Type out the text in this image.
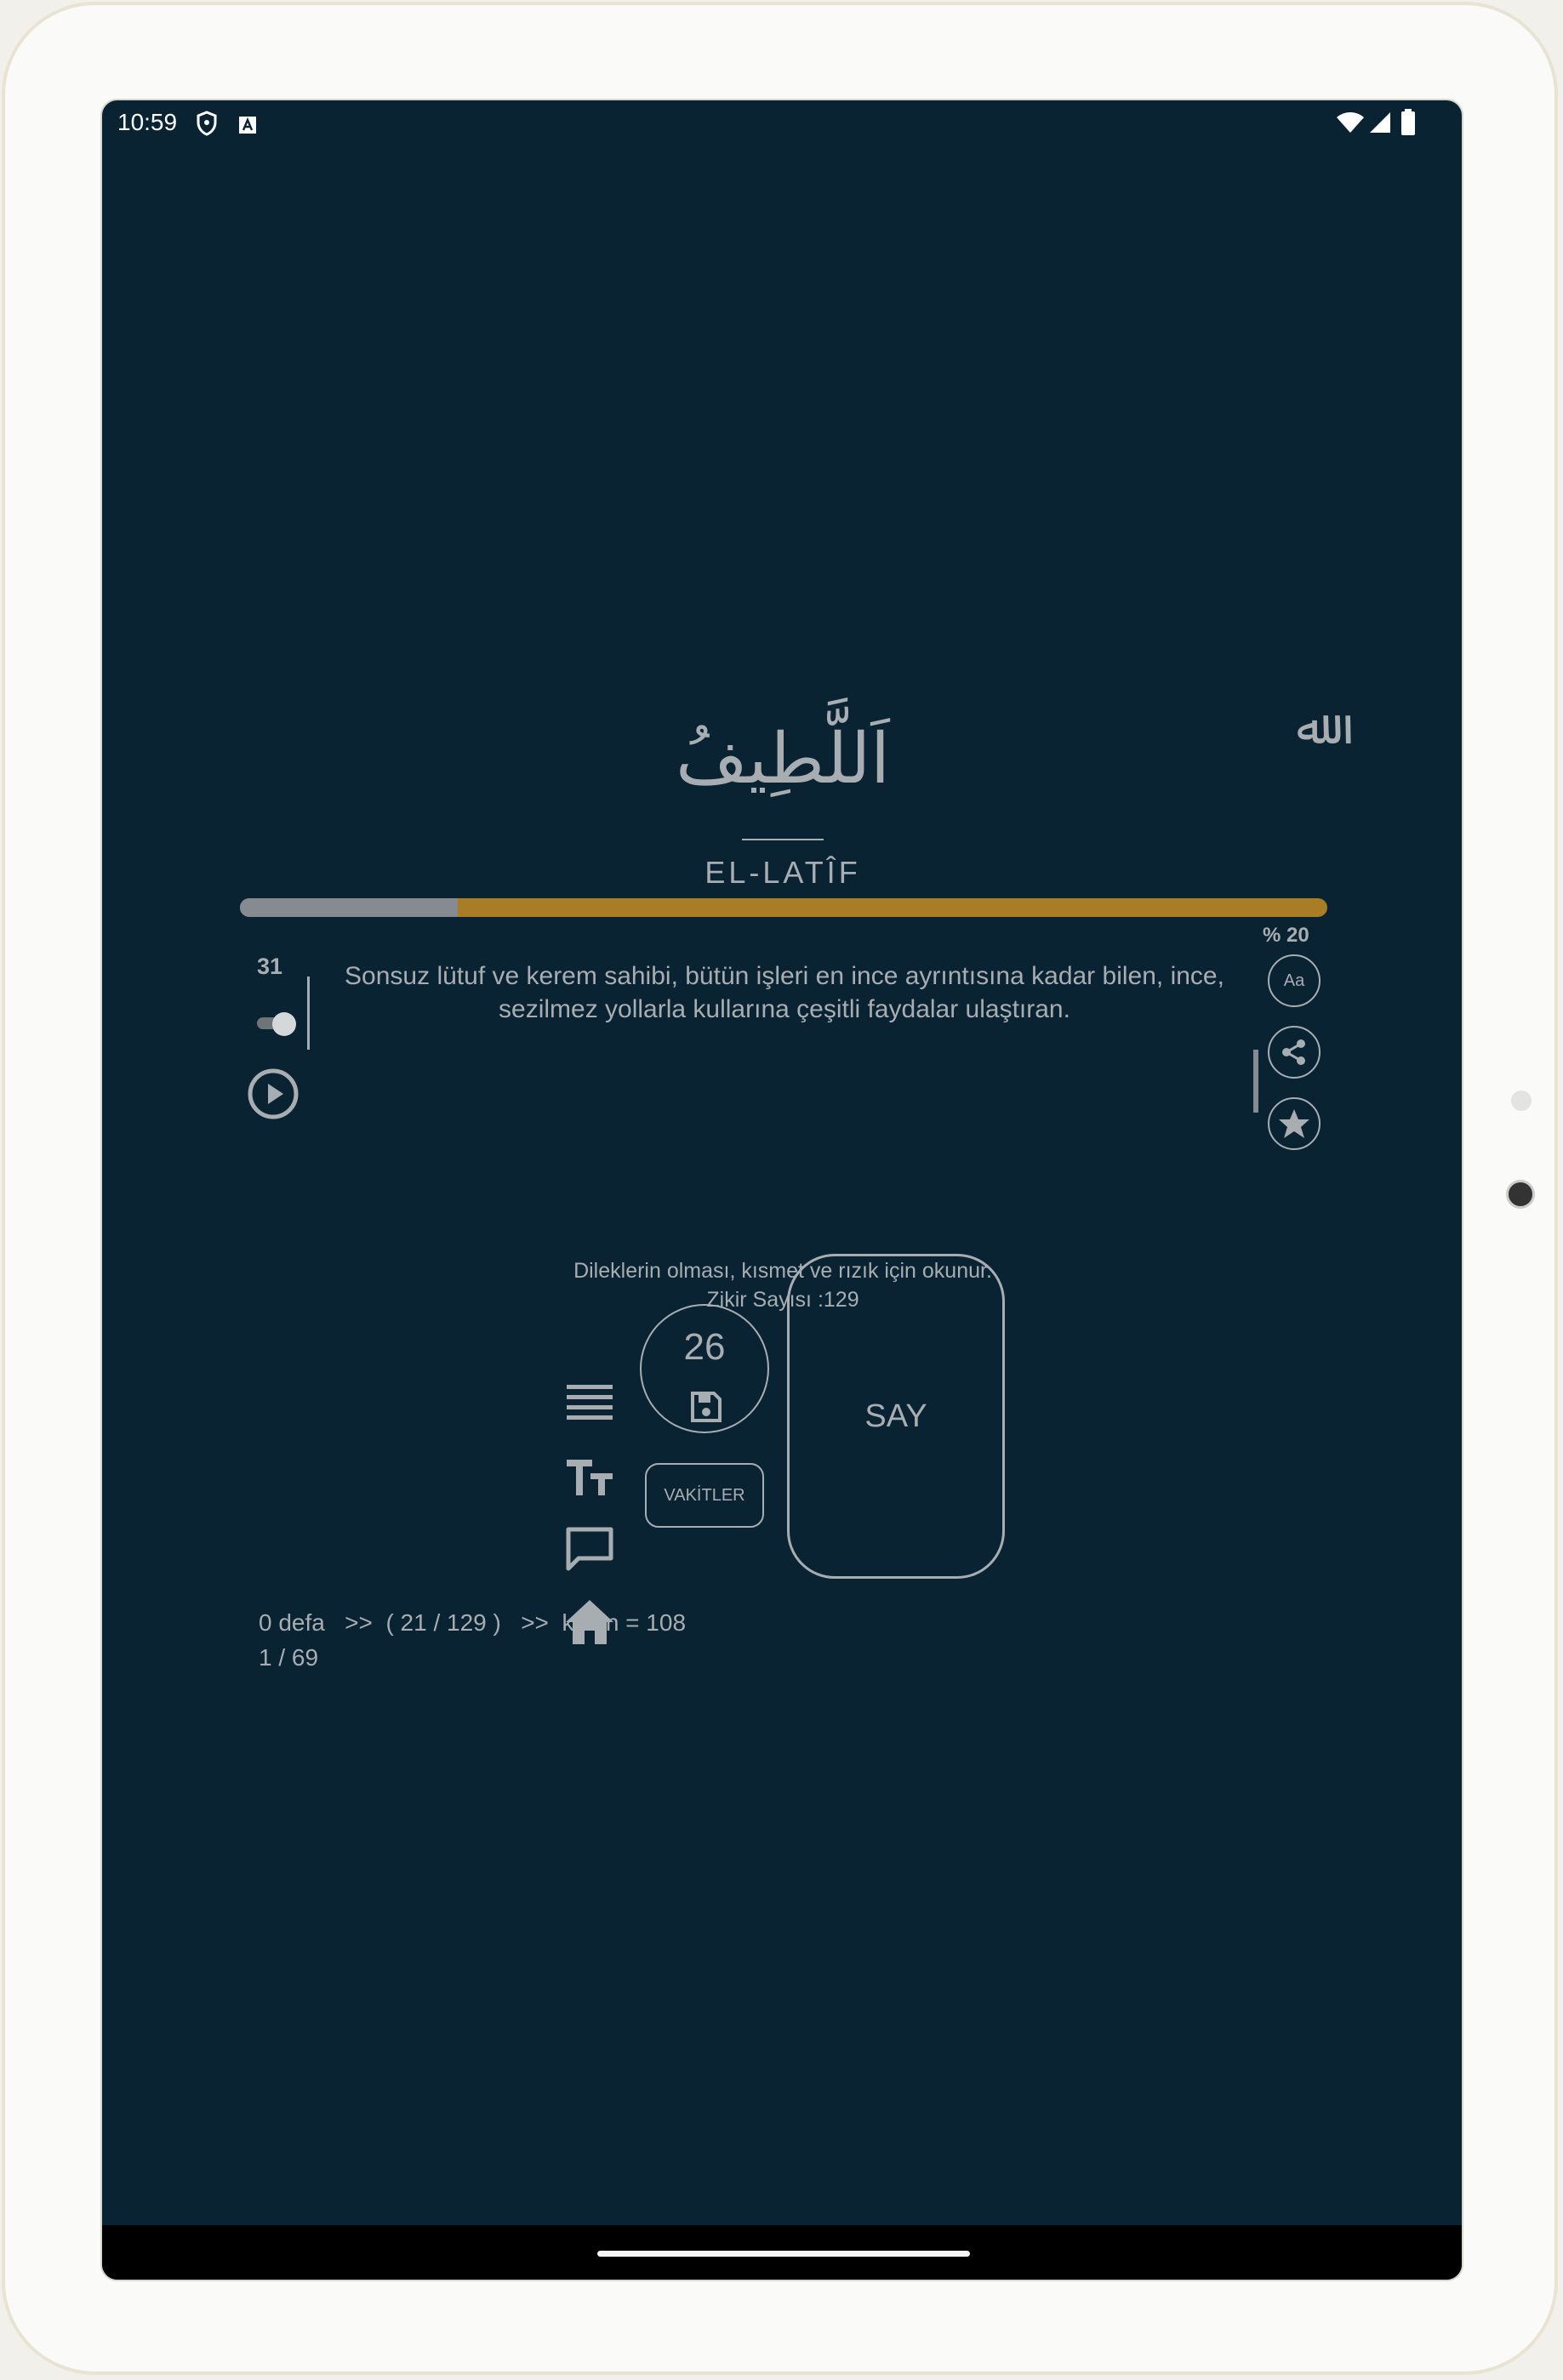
10:59
ﷲ
اَللَّطِيفُ
EL-LATÎF
% 20
31 Sonsuz lütuf ve kerem sahibi, bütün işleri en ince ayrıntısına kadar bilen, ince, sezilmez yollarla kullarına çeşitli faydalar ulaştıran.
Aa
Dileklerin olması, kısmet ve rızık için okunur.
Zikir Sayısı :129
26
VAKİTLER
SAY
0 defa   >>  ( 21 / 129 )   >>  kalan = 108
1 / 69
